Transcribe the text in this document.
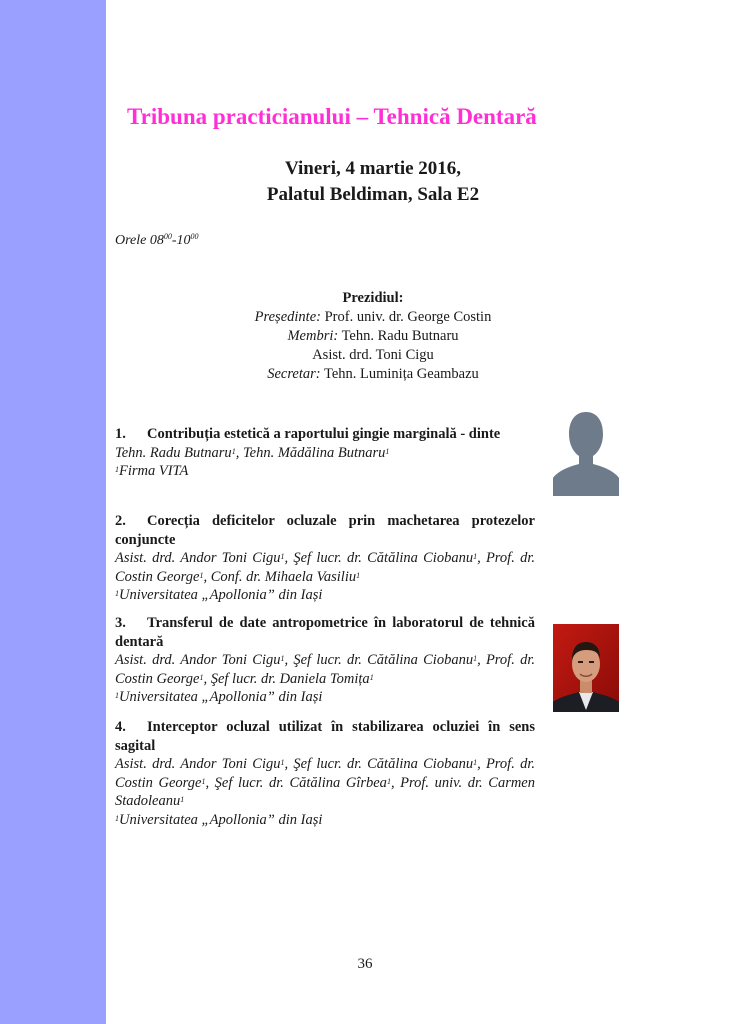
Tribuna practicianului – Tehnică Dentară
Vineri, 4 martie 2016,
Palatul Beldiman, Sala E2
Orele $08^{00}-10^{00}$
Prezidiul:
Președinte: Prof. univ. dr. George Costin
Membri: Tehn. Radu Butnaru
Asist. drd. Toni Cigu
Secretar: Tehn. Luminița Geambazu
1. Contribuția estetică a raportului gingie marginală - dinte
Tehn. Radu Butnaru$^1$, Tehn. Mădălina Butnaru$^1$
$^1$Firma VITA
2. Corecția deficitelor ocluzale prin machetarea protezelor conjuncte
Asist. drd. Andor Toni Cigu$^1$, Şef lucr. dr. Cătălina Ciobanu$^1$, Prof. dr. Costin George$^1$, Conf. dr. Mihaela Vasiliu$^1$
$^1$Universitatea „Apollonia” din Iași
3. Transferul de date antropometrice în laboratorul de tehnică dentară
Asist. drd. Andor Toni Cigu$^1$, Şef lucr. dr. Cătălina Ciobanu$^1$, Prof. dr. Costin George$^1$, Şef lucr. dr. Daniela Tomița$^1$
$^1$Universitatea „Apollonia” din Iași
4. Interceptor ocluzal utilizat în stabilizarea ocluziei în sens sagital
Asist. drd. Andor Toni Cigu$^1$, Şef lucr. dr. Cătălina Ciobanu$^1$, Prof. dr. Costin George$^1$, Şef lucr. dr. Cătălina Gîrbea$^1$, Prof. univ. dr. Carmen Stadoleanu$^1$
$^1$Universitatea „Apollonia” din Iași
36
